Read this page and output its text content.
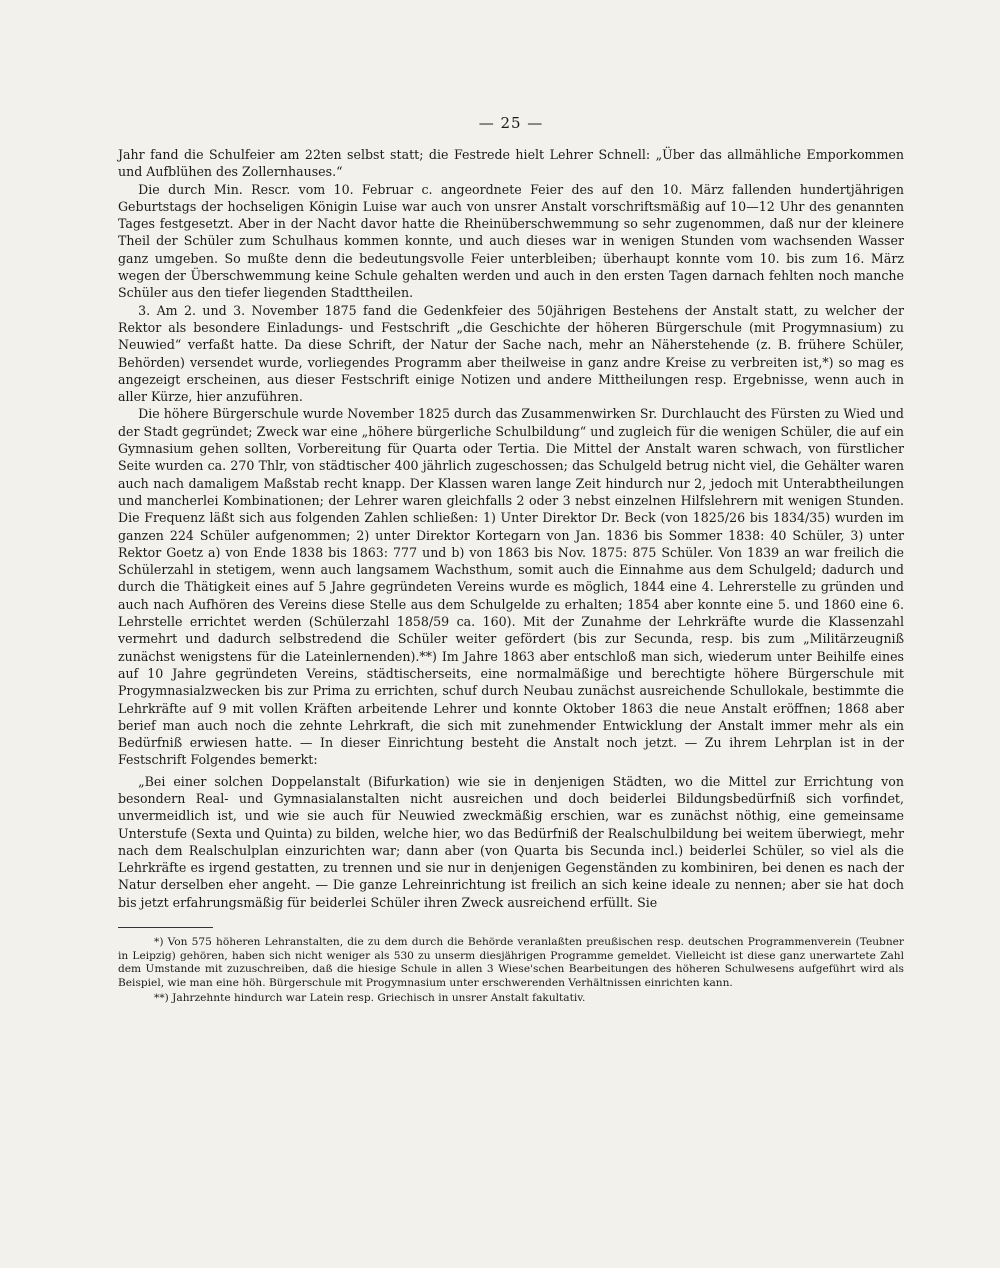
— 25 —

Jahr fand die Schulfeier am 22ten selbst statt; die Festrede hielt Lehrer Schnell: „Über das allmähliche Emporkommen und Aufblühen des Zollernhauses.“

Die durch Min. Rescr. vom 10. Februar c. angeordnete Feier des auf den 10. März fallenden hundertjährigen Geburtstags der hochseligen Königin Luise war auch von unsrer Anstalt vorschriftsmäßig auf 10—12 Uhr des genannten Tages festgesetzt. Aber in der Nacht davor hatte die Rheinüberschwemmung so sehr zugenommen, daß nur der kleinere Theil der Schüler zum Schulhaus kommen konnte, und auch dieses war in wenigen Stunden vom wachsenden Wasser ganz umgeben. So mußte denn die bedeutungsvolle Feier unterbleiben; überhaupt konnte vom 10. bis zum 16. März wegen der Überschwemmung keine Schule gehalten werden und auch in den ersten Tagen darnach fehlten noch manche Schüler aus den tiefer liegenden Stadttheilen.

3. Am 2. und 3. November 1875 fand die Gedenkfeier des 50jährigen Bestehens der Anstalt statt, zu welcher der Rektor als besondere Einladungs- und Festschrift „die Geschichte der höheren Bürgerschule (mit Progymnasium) zu Neuwied“ verfaßt hatte. Da diese Schrift, der Natur der Sache nach, mehr an Näherstehende (z. B. frühere Schüler, Behörden) versendet wurde, vorliegendes Programm aber theilweise in ganz andre Kreise zu verbreiten ist,*) so mag es angezeigt erscheinen, aus dieser Festschrift einige Notizen und andere Mittheilungen resp. Ergebnisse, wenn auch in aller Kürze, hier anzuführen.

Die höhere Bürgerschule wurde November 1825 durch das Zusammenwirken Sr. Durchlaucht des Fürsten zu Wied und der Stadt gegründet; Zweck war eine „höhere bürgerliche Schulbildung“ und zugleich für die wenigen Schüler, die auf ein Gymnasium gehen sollten, Vorbereitung für Quarta oder Tertia. Die Mittel der Anstalt waren schwach, von fürstlicher Seite wurden ca. 270 Thlr, von städtischer 400 jährlich zugeschossen; das Schulgeld betrug nicht viel, die Gehälter waren auch nach damaligem Maßstab recht knapp. Der Klassen waren lange Zeit hindurch nur 2, jedoch mit Unterabtheilungen und mancherlei Kombinationen; der Lehrer waren gleichfalls 2 oder 3 nebst einzelnen Hilfslehrern mit wenigen Stunden. Die Frequenz läßt sich aus folgenden Zahlen schließen: 1) Unter Direktor Dr. Beck (von 1825/26 bis 1834/35) wurden im ganzen 224 Schüler aufgenommen; 2) unter Direktor Kortegarn von Jan. 1836 bis Sommer 1838: 40 Schüler, 3) unter Rektor Goetz a) von Ende 1838 bis 1863: 777 und b) von 1863 bis Nov. 1875: 875 Schüler. Von 1839 an war freilich die Schülerzahl in stetigem, wenn auch langsamem Wachsthum, somit auch die Einnahme aus dem Schulgeld; dadurch und durch die Thätigkeit eines auf 5 Jahre gegründeten Vereins wurde es möglich, 1844 eine 4. Lehrerstelle zu gründen und auch nach Aufhören des Vereins diese Stelle aus dem Schulgelde zu erhalten; 1854 aber konnte eine 5. und 1860 eine 6. Lehrstelle errichtet werden (Schülerzahl 1858/59 ca. 160). Mit der Zunahme der Lehrkräfte wurde die Klassenzahl vermehrt und dadurch selbstredend die Schüler weiter gefördert (bis zur Secunda, resp. bis zum „Militärzeugniß zunächst wenigstens für die Lateinlernenden).**) Im Jahre 1863 aber entschloß man sich, wiederum unter Beihilfe eines auf 10 Jahre gegründeten Vereins, städtischerseits, eine normalmäßige und berechtigte höhere Bürgerschule mit Progymnasialzwecken bis zur Prima zu errichten, schuf durch Neubau zunächst ausreichende Schullokale, bestimmte die Lehrkräfte auf 9 mit vollen Kräften arbeitende Lehrer und konnte Oktober 1863 die neue Anstalt eröffnen; 1868 aber berief man auch noch die zehnte Lehrkraft, die sich mit zunehmender Entwicklung der Anstalt immer mehr als ein Bedürfniß erwiesen hatte. — In dieser Einrichtung besteht die Anstalt noch jetzt. — Zu ihrem Lehrplan ist in der Festschrift Folgendes bemerkt:

„Bei einer solchen Doppelanstalt (Bifurkation) wie sie in denjenigen Städten, wo die Mittel zur Errichtung von besondern Real- und Gymnasialanstalten nicht ausreichen und doch beiderlei Bildungsbedürfniß sich vorfindet, unvermeidlich ist, und wie sie auch für Neuwied zweckmäßig erschien, war es zunächst nöthig, eine gemeinsame Unterstufe (Sexta und Quinta) zu bilden, welche hier, wo das Bedürfniß der Realschulbildung bei weitem überwiegt, mehr nach dem Realschulplan einzurichten war; dann aber (von Quarta bis Secunda incl.) beiderlei Schüler, so viel als die Lehrkräfte es irgend gestatten, zu trennen und sie nur in denjenigen Gegenständen zu kombiniren, bei denen es nach der Natur derselben eher angeht. — Die ganze Lehreinrichtung ist freilich an sich keine ideale zu nennen; aber sie hat doch bis jetzt erfahrungsmäßig für beiderlei Schüler ihren Zweck ausreichend erfüllt. Sie

*) Von 575 höheren Lehranstalten, die zu dem durch die Behörde veranlaßten preußischen resp. deutschen Programmenverein (Teubner in Leipzig) gehören, haben sich nicht weniger als 530 zu unserm diesjährigen Programme gemeldet. Vielleicht ist diese ganz unerwartete Zahl dem Umstande mit zuzuschreiben, daß die hiesige Schule in allen 3 Wiese'schen Bearbeitungen des höheren Schulwesens aufgeführt wird als Beispiel, wie man eine höh. Bürgerschule mit Progymnasium unter erschwerenden Verhältnissen einrichten kann.

**) Jahrzehnte hindurch war Latein resp. Griechisch in unsrer Anstalt fakultativ.
